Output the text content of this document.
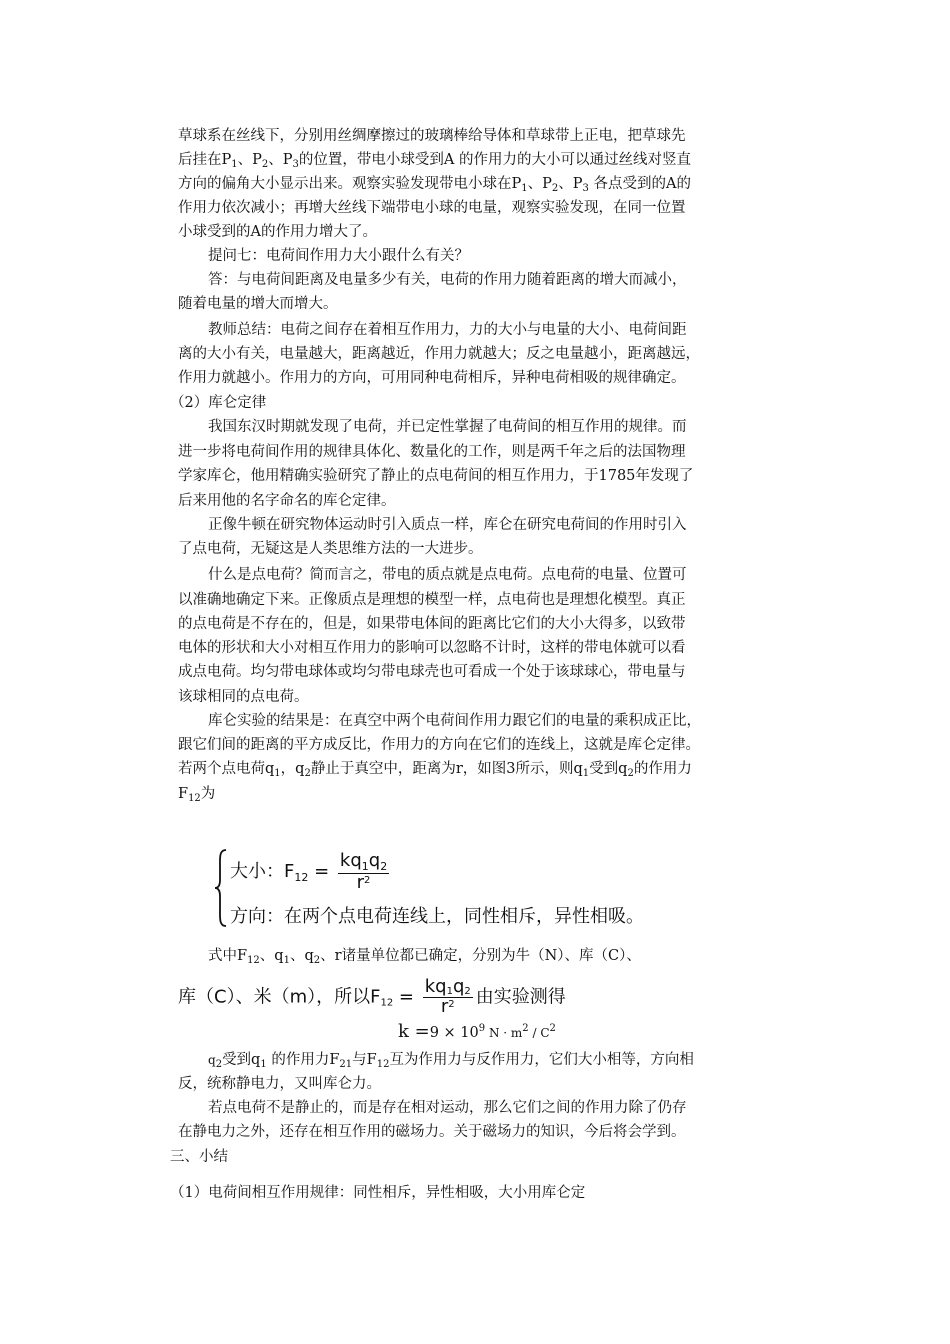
草球系在丝线下，分别用丝绸摩擦过的玻璃棒给导体和草球带上正电，把草球先

后挂在$P_1$、$P_2$、$P_3$的位置，带电小球受到A 的作用力的大小可以通过丝线对竖直

方向的偏角大小显示出来。观察实验发现带电小球在$P_1$、$P_2$、$P_3$ 各点受到的A的

作用力依次减小；再增大丝线下端带电小球的电量，观察实验发现，在同一位置

小球受到的A的作用力增大了。

提问七：电荷间作用力大小跟什么有关？

答：与电荷间距离及电量多少有关，电荷的作用力随着距离的增大而减小，

随着电量的增大而增大。

教师总结：电荷之间存在着相互作用力，力的大小与电量的大小、电荷间距

离的大小有关，电量越大，距离越近，作用力就越大；反之电量越小，距离越远，

作用力就越小。作用力的方向，可用同种电荷相斥，异种电荷相吸的规律确定。

（2）库仑定律

我国东汉时期就发现了电荷，并已定性掌握了电荷间的相互作用的规律。而

进一步将电荷间作用的规律具体化、数量化的工作，则是两千年之后的法国物理

学家库仑，他用精确实验研究了静止的点电荷间的相互作用力，于1785年发现了

后来用他的名字命名的库仑定律。

正像牛顿在研究物体运动时引入质点一样，库仑在研究电荷间的作用时引入

了点电荷，无疑这是人类思维方法的一大进步。

什么是点电荷？简而言之，带电的质点就是点电荷。点电荷的电量、位置可

以准确地确定下来。正像质点是理想的模型一样，点电荷也是理想化模型。真正

的点电荷是不存在的，但是，如果带电体间的距离比它们的大小大得多，以致带

电体的形状和大小对相互作用力的影响可以忽略不计时，这样的带电体就可以看

成点电荷。均匀带电球体或均匀带电球壳也可看成一个处于该球球心，带电量与

该球相同的点电荷。

库仑实验的结果是：在真空中两个电荷间作用力跟它们的电量的乘积成正比，

跟它们间的距离的平方成反比，作用力的方向在它们的连线上，这就是库仑定律。

若两个点电荷$q_1$，$q_2$静止于真空中，距离为r，如图3所示，则$q_1$受到$q_2$的作用力

$F_{12}$为

大小：$F_{12} = \frac{kq_1q_2}{r^2}$
方向：在两个点电荷连线上，同性相斥，异性相吸。

式中$F_{12}$、$q_1$、$q_2$、r诸量单位都已确定，分别为牛（N）、库（C）、

库（C）、米（m），所以$F_{12} = \frac{kq_1q_2}{r^2}$ 由实验测得

$k =9 \times 10^9$ $N \cdot m^2 / C^2$

$q_2$受到$q_1$ 的作用力$F_{21}$与$F_{12}$互为作用力与反作用力，它们大小相等，方向相

反，统称静电力，又叫库仑力。

若点电荷不是静止的，而是存在相对运动，那么它们之间的作用力除了仍存

在静电力之外，还存在相互作用的磁场力。关于磁场力的知识，今后将会学到。

三、小结

（1）电荷间相互作用规律：同性相斥，异性相吸，大小用库仑定
